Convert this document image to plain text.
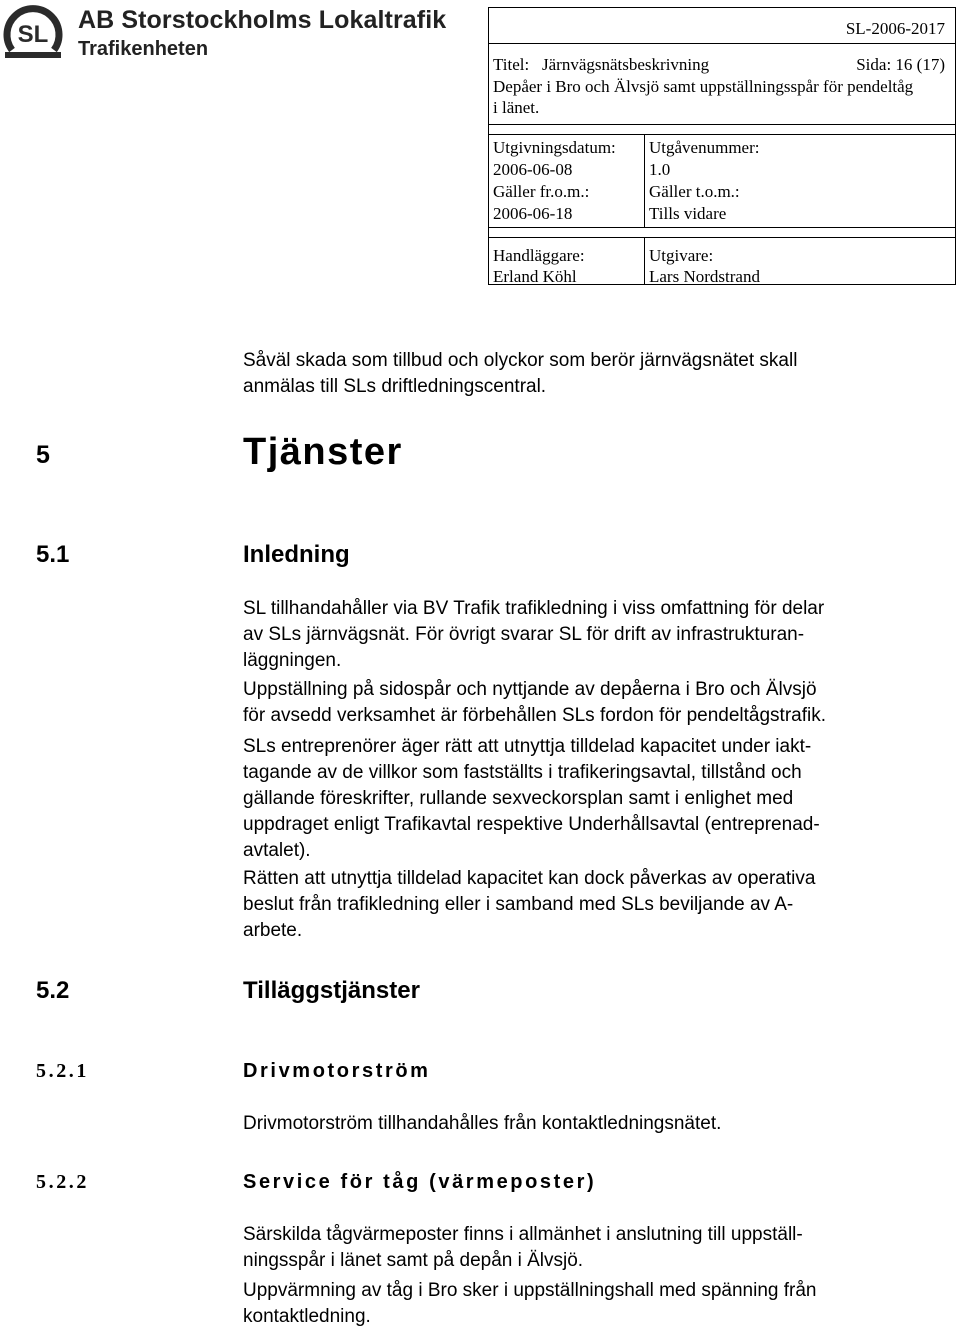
SL
AB Storstockholms Lokaltrafik
Trafikenheten
SL-2006-2017
Titel: Järnvägsnätsbeskrivning	Sida: 16 (17)
Depåer i Bro och Älvsjö samt uppställningsspår för pendeltåg
i länet.
Utgivningsdatum:
2006-06-08
Gäller fr.o.m.:
2006-06-18
Utgåvenummer:
1.0
Gäller t.o.m.:
Tills vidare
Handläggare:
Erland Köhl
Utgivare:
Lars Nordstrand
Såväl skada som tillbud och olyckor som berör järnvägsnätet skall
anmälas till SLs driftledningscentral.
5	Tjänster
5.1	Inledning
SL tillhandahåller via BV Trafik trafikledning i viss omfattning för delar
av SLs järnvägsnät. För övrigt svarar SL för drift av infrastrukturan-
läggningen.
Uppställning på sidospår och nyttjande av depåerna i Bro och Älvsjö
för avsedd verksamhet är förbehållen SLs fordon för pendeltågstrafik.
SLs entreprenörer äger rätt att utnyttja tilldelad kapacitet under iakt-
tagande av de villkor som fastställts i trafikeringsavtal, tillstånd och
gällande föreskrifter, rullande sexveckorsplan samt i enlighet med
uppdraget enligt Trafikavtal respektive Underhållsavtal (entreprenad-
avtalet).
Rätten att utnyttja tilldelad kapacitet kan dock påverkas av operativa
beslut från trafikledning eller i samband med SLs beviljande av A-
arbete.
5.2	Tilläggstjänster
5.2.1	Drivmotorström
Drivmotorström tillhandahålles från kontaktledningsnätet.
5.2.2	Service för tåg (värmeposter)
Särskilda tågvärmeposter finns i allmänhet i anslutning till uppställ-
ningsspår i länet samt på depån i Älvsjö.
Uppvärmning av tåg i Bro sker i uppställningshall med spänning från
kontaktledning.
